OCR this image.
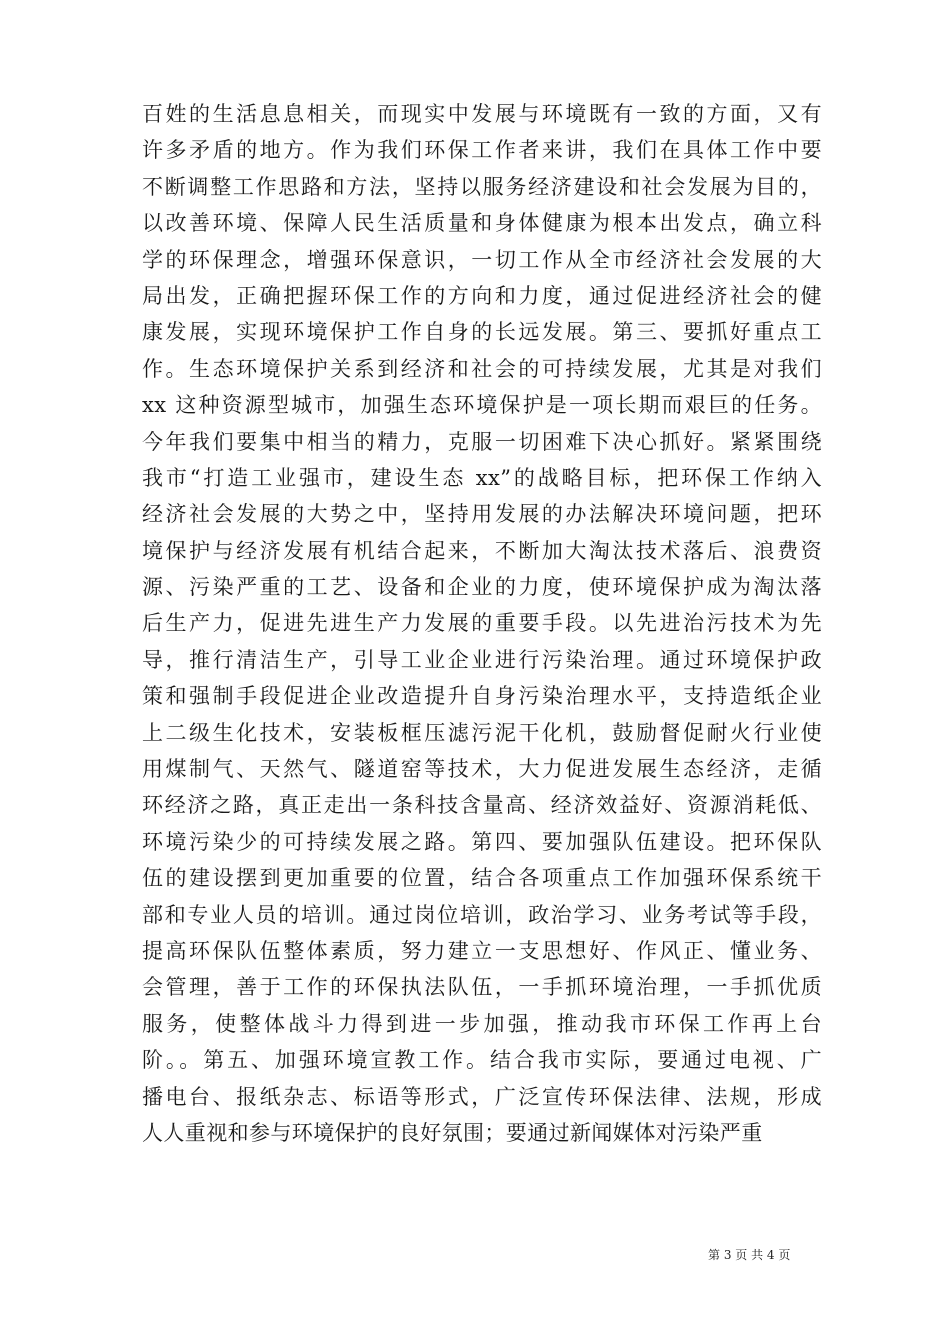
百姓的生活息息相关，而现实中发展与环境既有一致的方面，又有
许多矛盾的地方。作为我们环保工作者来讲，我们在具体工作中要
不断调整工作思路和方法，坚持以服务经济建设和社会发展为目的，
以改善环境、保障人民生活质量和身体健康为根本出发点，确立科
学的环保理念，增强环保意识，一切工作从全市经济社会发展的大
局出发，正确把握环保工作的方向和力度，通过促进经济社会的健
康发展，实现环境保护工作自身的长远发展。第三、要抓好重点工
作。生态环境保护关系到经济和社会的可持续发展，尤其是对我们
xx 这种资源型城市，加强生态环境保护是一项长期而艰巨的任务。
今年我们要集中相当的精力，克服一切困难下决心抓好。紧紧围绕
我市“打造工业强市，建设生态 xx”的战略目标，把环保工作纳入
经济社会发展的大势之中，坚持用发展的办法解决环境问题，把环
境保护与经济发展有机结合起来，不断加大淘汰技术落后、浪费资
源、污染严重的工艺、设备和企业的力度，使环境保护成为淘汰落
后生产力，促进先进生产力发展的重要手段。以先进治污技术为先
导，推行清洁生产，引导工业企业进行污染治理。通过环境保护政
策和强制手段促进企业改造提升自身污染治理水平，支持造纸企业
上二级生化技术，安装板框压滤污泥干化机，鼓励督促耐火行业使
用煤制气、天然气、隧道窑等技术，大力促进发展生态经济，走循
环经济之路，真正走出一条科技含量高、经济效益好、资源消耗低、
环境污染少的可持续发展之路。第四、要加强队伍建设。把环保队
伍的建设摆到更加重要的位置，结合各项重点工作加强环保系统干
部和专业人员的培训。通过岗位培训，政治学习、业务考试等手段，
提高环保队伍整体素质，努力建立一支思想好、作风正、懂业务、
会管理，善于工作的环保执法队伍，一手抓环境治理，一手抓优质
服务，使整体战斗力得到进一步加强，推动我市环保工作再上台
阶。。第五、加强环境宣教工作。结合我市实际，要通过电视、广
播电台、报纸杂志、标语等形式，广泛宣传环保法律、法规，形成
人人重视和参与环境保护的良好氛围；要通过新闻媒体对污染严重
第 3 页 共 4 页
